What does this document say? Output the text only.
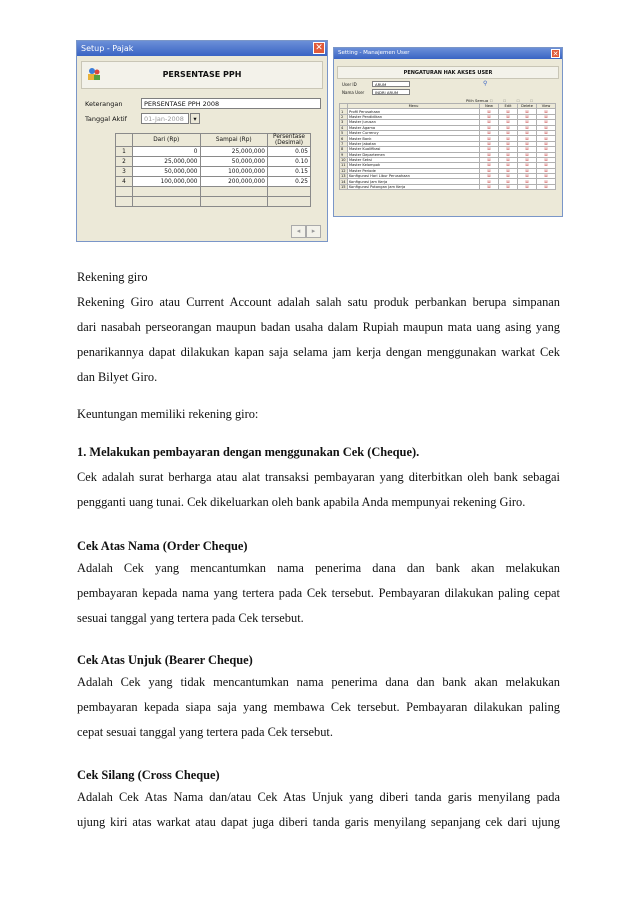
Setup - Pajak	✕
PERSENTASE PPH
Keterangan	PERSENTASE PPH 2008
Tanggal Aktif	01-Jan-2008	▾
	Dari (Rp)	Sampai (Rp)	Persentase (Desimal)
1	0	25,000,000	0.05
2	25,000,000	50,000,000	0.10
3	50,000,000	100,000,000	0.15
4	100,000,000	200,000,000	0.25

◂	▸
Setting - Manajemen User	✕
PENGATURAN HAK AKSES USER
User ID	ARUM	⚲
Nama User	INDRI ARUM
Pilih Semua □□□□
	Menu	New	Edit	Delete	View
1	Profil Perusahaan	☒	☒	☒	☒
2	Master Pendidikan	☒	☒	☒	☒
3	Master Jurusan	☒	☒	☒	☒
4	Master Agama	☒	☒	☒	☒
5	Master Currency	☒	☒	☒	☒
6	Master Bank	☒	☒	☒	☒
7	Master Jabatan	☒	☒	☒	☒
8	Master Kualifikasi	☒	☒	☒	☒
9	Master Departemen	☒	☒	☒	☒
10	Master Seksi	☒	☒	☒	☒
11	Master Kelompok	☒	☒	☒	☒
12	Master Periode	☒	☒	☒	☒
13	Konfigurasi Hari Libur Perusahaan	☒	☒	☒	☒
14	Konfigurasi Jam Kerja	☒	☒	☒	☒
15	Konfigurasi Potongan Jam Kerja	☒	☒	☒	☒

Rekening giro

Rekening Giro atau Current Account adalah salah satu produk perbankan berupa simpanan

dari nasabah perseorangan maupun badan usaha dalam Rupiah maupun mata uang asing yang

penarikannya dapat dilakukan kapan saja selama jam kerja dengan menggunakan warkat Cek

dan Bilyet Giro.

Keuntungan memiliki rekening giro:

1. Melakukan pembayaran dengan menggunakan Cek (Cheque).

Cek adalah surat berharga atau alat transaksi pembayaran yang diterbitkan oleh bank sebagai

pengganti uang tunai. Cek dikeluarkan oleh bank apabila Anda mempunyai rekening Giro.

Cek Atas Nama (Order Cheque)

Adalah Cek yang mencantumkan nama penerima dana dan bank akan melakukan

pembayaran kepada nama yang tertera pada Cek tersebut. Pembayaran dilakukan paling cepat

sesuai tanggal yang tertera pada Cek tersebut.

Cek Atas Unjuk (Bearer Cheque)

Adalah Cek yang tidak mencantumkan nama penerima dana dan bank akan melakukan

pembayaran kepada siapa saja yang membawa Cek tersebut. Pembayaran dilakukan paling

cepat sesuai tanggal yang tertera pada Cek tersebut.

Cek Silang (Cross Cheque)

Adalah Cek Atas Nama dan/atau Cek Atas Unjuk yang diberi tanda garis menyilang pada

ujung kiri atas warkat atau dapat juga diberi tanda garis menyilang sepanjang cek dari ujung
